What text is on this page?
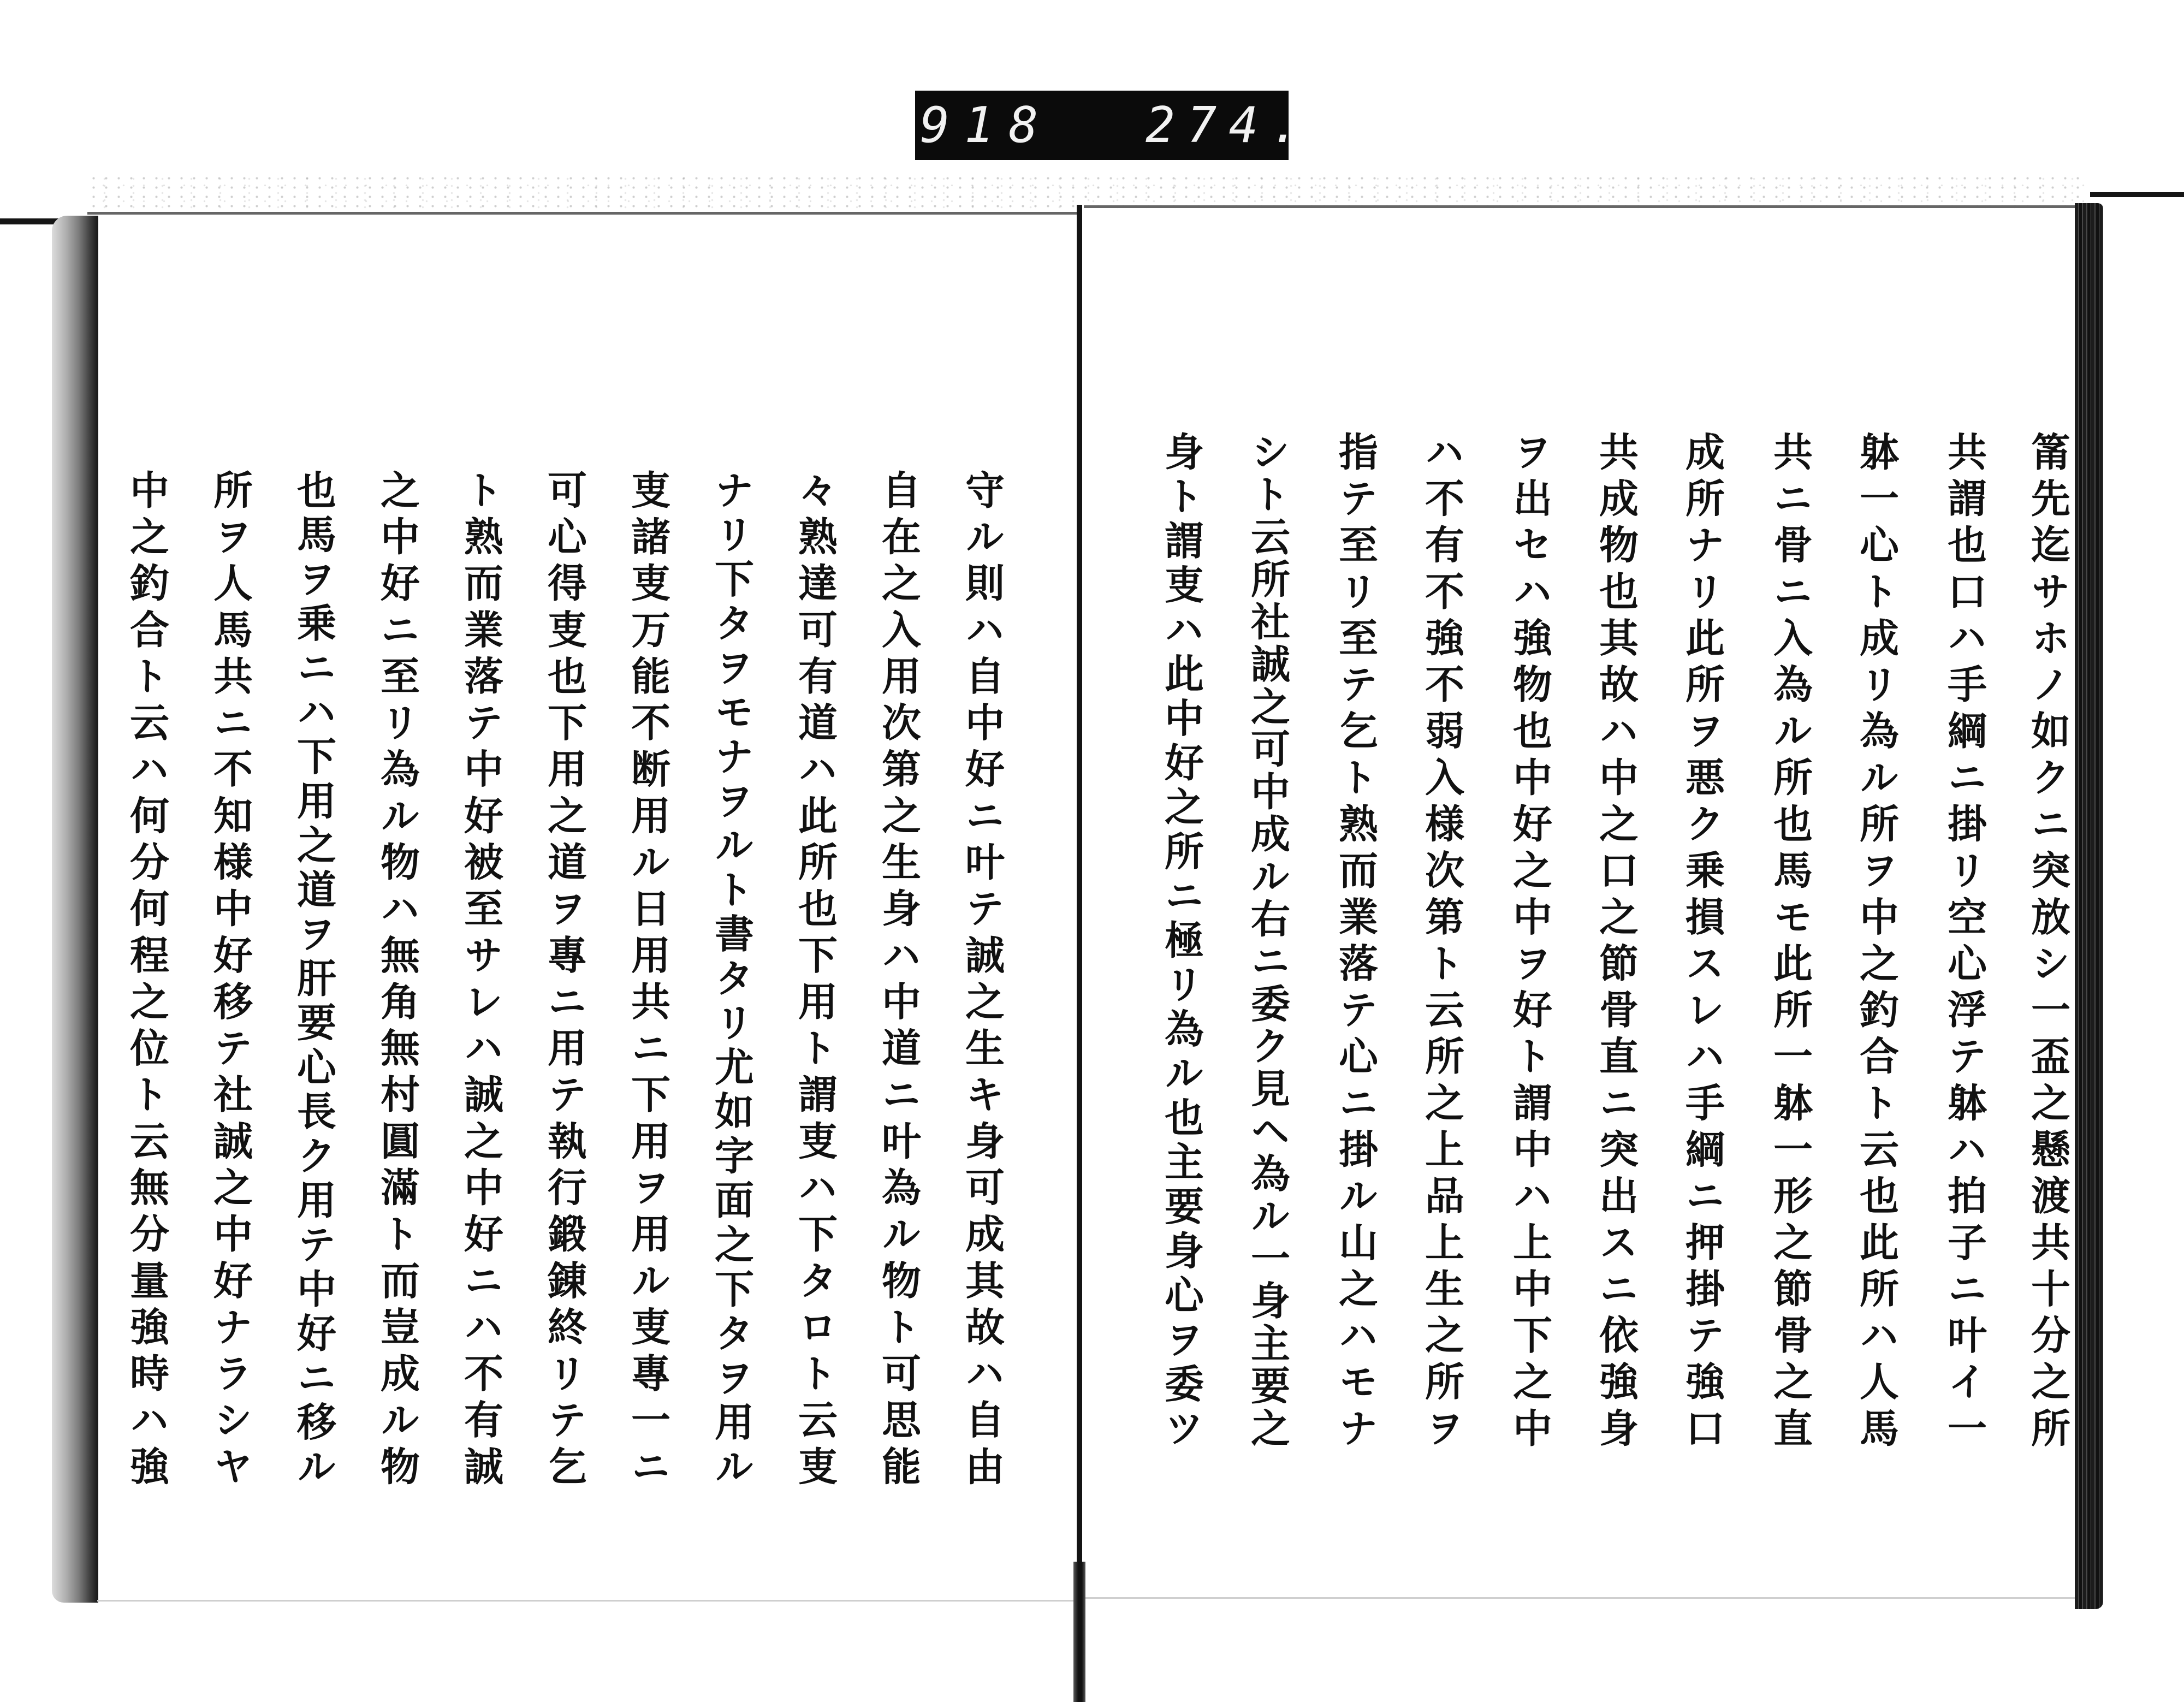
918 274.
筩先迄サホノ如クニ突放シ一盃之懸渡共十分之所
共謂也口ハ手綱ニ掛リ空心浮テ躰ハ拍子ニ叶イ一
躰一心ト成リ為ル所ヲ中之釣合ト云也此所ハ人馬
共ニ骨ニ入為ル所也馬モ此所一躰一形之節骨之直
成所ナリ此所ヲ悪ク乗損スレハ手綱ニ押掛テ強口
共成物也其故ハ中之口之節骨直ニ突出スニ依強身
ヲ出セハ強物也中好之中ヲ好ト謂中ハ上中下之中
ハ不有不強不弱入様次第ト云所之上品上生之所ヲ
指テ至リ至テ乞ト熟而業落テ心ニ掛ル山之ハモナ
シト云所社誠之可中成ル右ニ委ク見ヘ為ル一身主要之
身ト謂叓ハ此中好之所ニ極リ為ル也主要身心ヲ委ツ
守ル則ハ自中好ニ叶テ誠之生キ身可成其故ハ自由
自在之入用次第之生身ハ中道ニ叶為ル物ト可思能
々熟達可有道ハ此所也下用ト謂叓ハ下タロト云叓
ナリ下タヲモナヲルト書タリ尤如字面之下タヲ用ル
叓諸叓万能不断用ル日用共ニ下用ヲ用ル叓專一ニ
可心得叓也下用之道ヲ專ニ用テ執行鍛錬終リテ乞
ト熟而業落テ中好被至サレハ誠之中好ニハ不有誠
之中好ニ至リ為ル物ハ無角無村圓滿ト而豈成ル物
也馬ヲ乗ニハ下用之道ヲ肝要心長ク用テ中好ニ移ル
所ヲ人馬共ニ不知様中好移テ社誠之中好ナラシヤ
中之釣合ト云ハ何分何程之位ト云無分量強時ハ強
